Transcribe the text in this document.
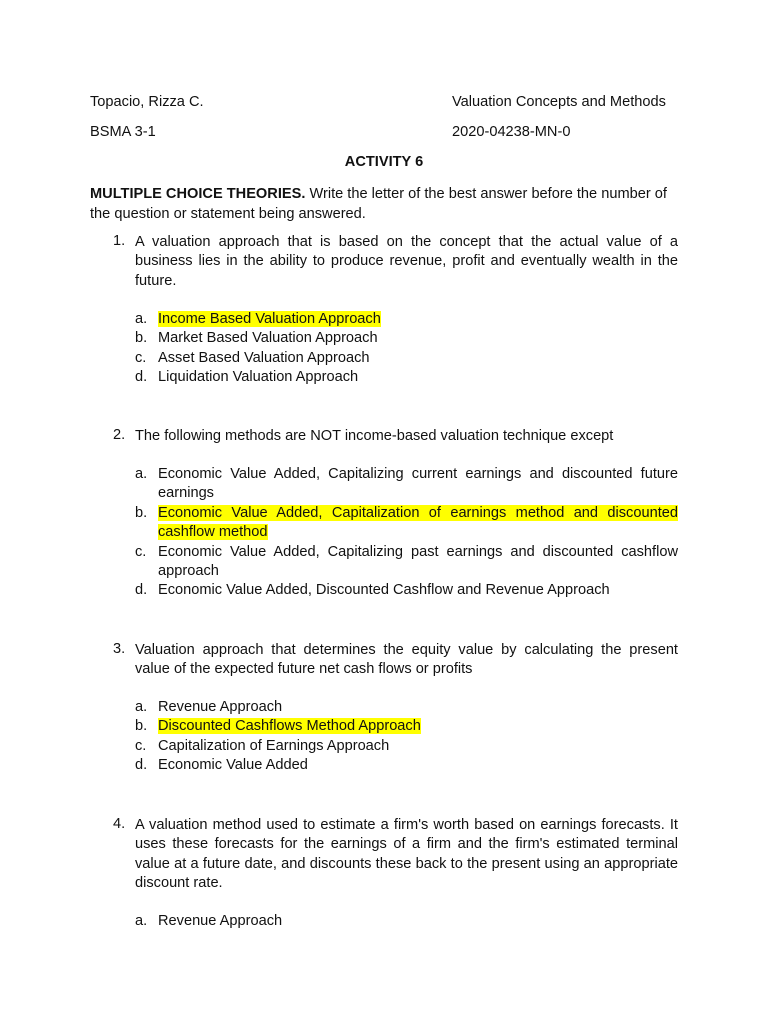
Topacio, Rizza C.	Valuation Concepts and Methods
BSMA 3-1	2020-04238-MN-0
ACTIVITY 6
MULTIPLE CHOICE THEORIES. Write the letter of the best answer before the number of the question or statement being answered.
1. A valuation approach that is based on the concept that the actual value of a business lies in the ability to produce revenue, profit and eventually wealth in the future.
a. Income Based Valuation Approach
b. Market Based Valuation Approach
c. Asset Based Valuation Approach
d. Liquidation Valuation Approach
2. The following methods are NOT income-based valuation technique except
a. Economic Value Added, Capitalizing current earnings and discounted future earnings
b. Economic Value Added, Capitalization of earnings method and discounted cashflow method
c. Economic Value Added, Capitalizing past earnings and discounted cashflow approach
d. Economic Value Added, Discounted Cashflow and Revenue Approach
3. Valuation approach that determines the equity value by calculating the present value of the expected future net cash flows or profits
a. Revenue Approach
b. Discounted Cashflows Method Approach
c. Capitalization of Earnings Approach
d. Economic Value Added
4. A valuation method used to estimate a firm's worth based on earnings forecasts. It uses these forecasts for the earnings of a firm and the firm's estimated terminal value at a future date, and discounts these back to the present using an appropriate discount rate.
a. Revenue Approach
